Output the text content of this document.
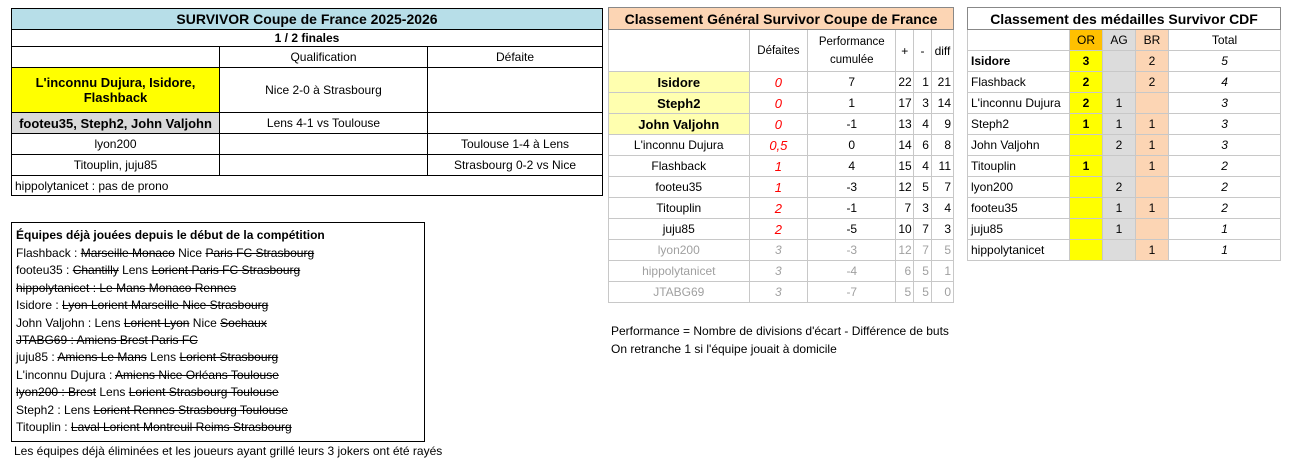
SURVIVOR Coupe de France 2025-2026		
1 / 2 finales		
	Qualification	Défaite
L'inconnu Dujura, Isidore, Flashback	Nice 2-0 à Strasbourg	
footeu35, Steph2, John Valjohn	Lens 4-1 vs Toulouse	
lyon200		Toulouse 1-4 à Lens
Titouplin, juju85		Strasbourg 0-2 vs Nice
hippolytanicet : pas de prono		
Équipes déjà jouées depuis le début de la compétition
Flashback : Marseille Monaco Nice Paris FC Strasbourg
footeu35 : Chantilly Lens Lorient Paris FC Strasbourg
hippolytanicet : Le Mans Monaco Rennes
Isidore : Lyon Lorient Marseille Nice Strasbourg
John Valjohn : Lens Lorient Lyon Nice Sochaux
JTABG69 : Amiens Brest Paris FC
juju85 : Amiens Le Mans Lens Lorient Strasbourg
L'inconnu Dujura : Amiens Nice Orléans Toulouse
lyon200 : Brest Lens Lorient Strasbourg Toulouse
Steph2 : Lens Lorient Rennes Strasbourg Toulouse
Titouplin : Laval Lorient Montreuil Reims Strasbourg
Les équipes déjà éliminées et les joueurs ayant grillé leurs 3 jokers ont été rayés
Classement Général Survivor Coupe de France					
	Défaites	Performance
cumulée	+	-	diff
Isidore	0	7	22	1	21
Steph2	0	1	17	3	14
John Valjohn	0	-1	13	4	9
L'inconnu Dujura	0,5	0	14	6	8
Flashback	1	4	15	4	11
footeu35	1	-3	12	5	7
Titouplin	2	-1	7	3	4
juju85	2	-5	10	7	3
lyon200	3	-3	12	7	5
hippolytanicet	3	-4	6	5	1
JTABG69	3	-7	5	5	0
Performance = Nombre de divisions d'écart - Différence de buts
On retranche 1 si l'équipe jouait à domicile
Classement des médailles Survivor CDF				
	OR	AG	BR	Total
Isidore	3		2	5
Flashback	2		2	4
L'inconnu Dujura	2	1		3
Steph2	1	1	1	3
John Valjohn		2	1	3
Titouplin	1		1	2
lyon200		2		2
footeu35		1	1	2
juju85		1		1
hippolytanicet			1	1
